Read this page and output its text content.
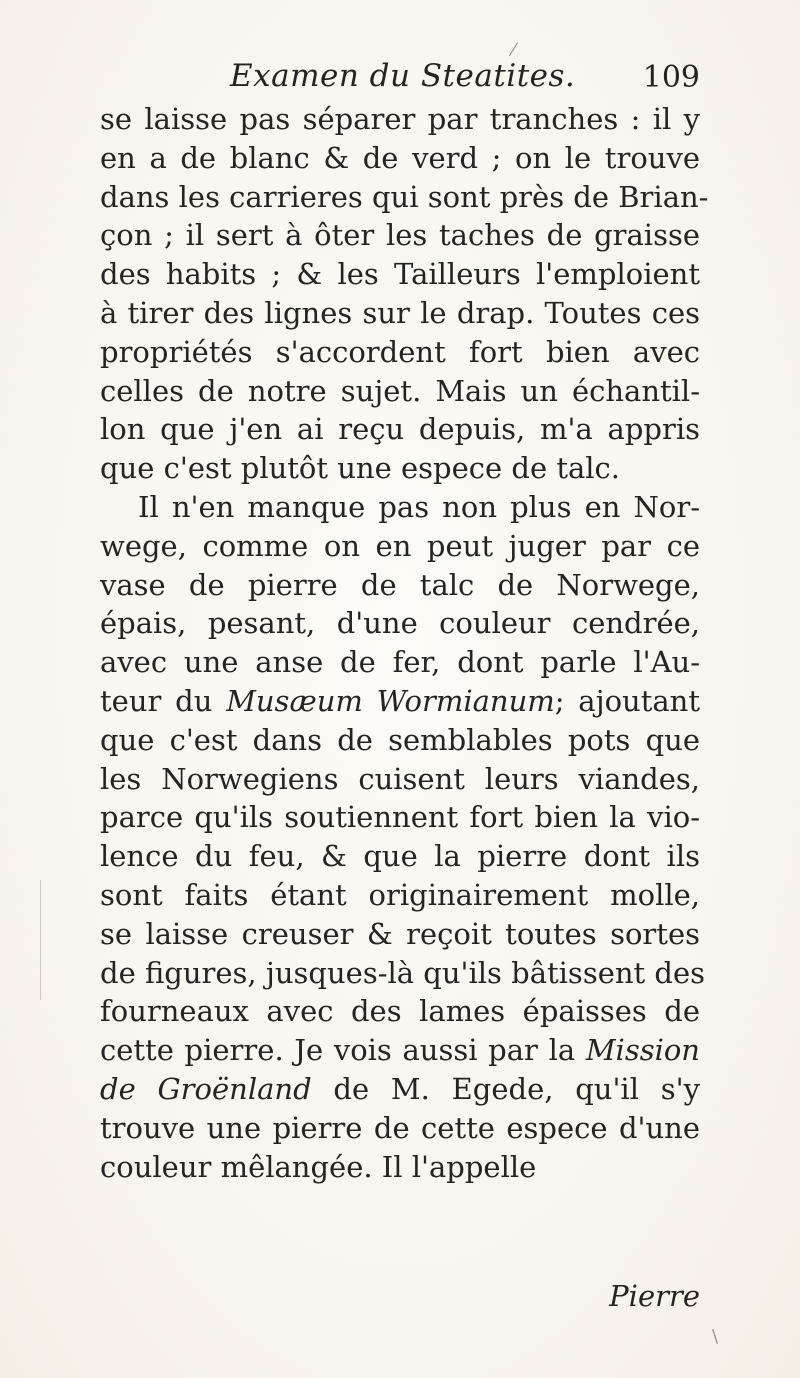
Examen du Steatites. 109
se laisse pas séparer par tranches : il y
en a de blanc & de verd ; on le trouve
dans les carrieres qui sont près de Brian-
çon ; il sert à ôter les taches de graisse
des habits ; & les Tailleurs l'emploient
à tirer des lignes sur le drap. Toutes ces
propriétés s'accordent fort bien avec
celles de notre sujet. Mais un échantil-
lon que j'en ai reçu depuis, m'a appris
que c'est plutôt une espece de talc.
Il n'en manque pas non plus en Nor-
wege, comme on en peut juger par ce
vase de pierre de talc de Norwege,
épais, pesant, d'une couleur cendrée,
avec une anse de fer, dont parle l'Au-
teur du Musæum Wormianum; ajoutant
que c'est dans de semblables pots que
les Norwegiens cuisent leurs viandes,
parce qu'ils soutiennent fort bien la vio-
lence du feu, & que la pierre dont ils
sont faits étant originairement molle,
se laisse creuser & reçoit toutes sortes
de figures, jusques-là qu'ils bâtissent des
fourneaux avec des lames épaisses de
cette pierre. Je vois aussi par la Mission
de Groënland de M. Egede, qu'il s'y
trouve une pierre de cette espece d'une
couleur mêlangée. Il l'appelle
Pierre
⁄
\
